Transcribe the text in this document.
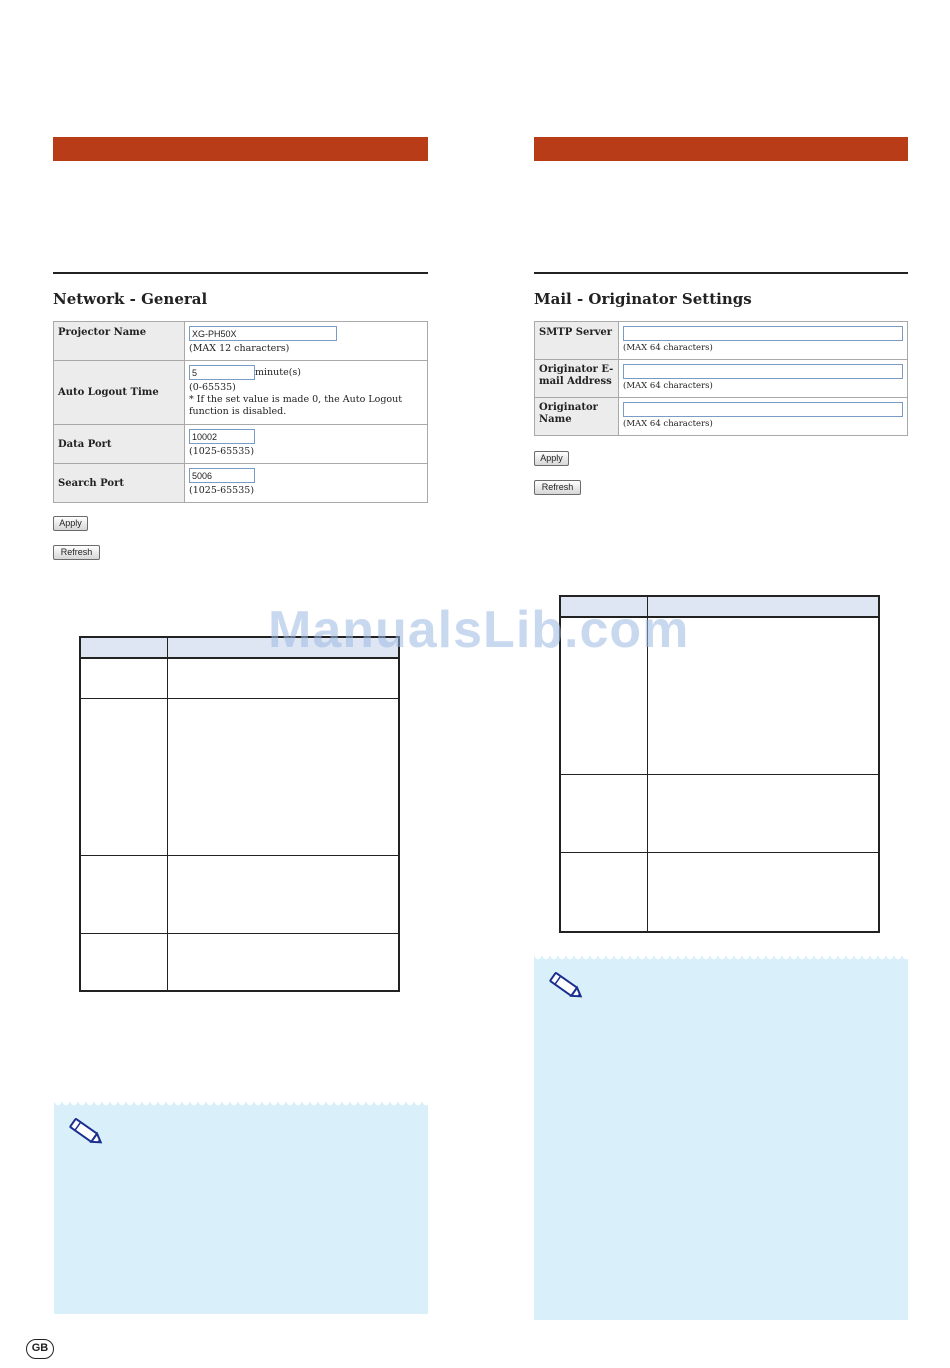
Network - General
Projector Name	XG-PH50X
(MAX 12 characters)

Auto Logout Time	5 minute(s)
(0-65535)
* If the set value is made 0, the Auto Logout function is disabled.

Data Port	10002
(1025-65535)

Search Port	5006
(1025-65535)
Apply
Refresh

Mail - Originator Settings
SMTP Server	(MAX 64 characters)

Originator E-mail Address	(MAX 64 characters)

Originator Name	(MAX 64 characters)
Apply
Refresh

ManualsLib.com
GB
